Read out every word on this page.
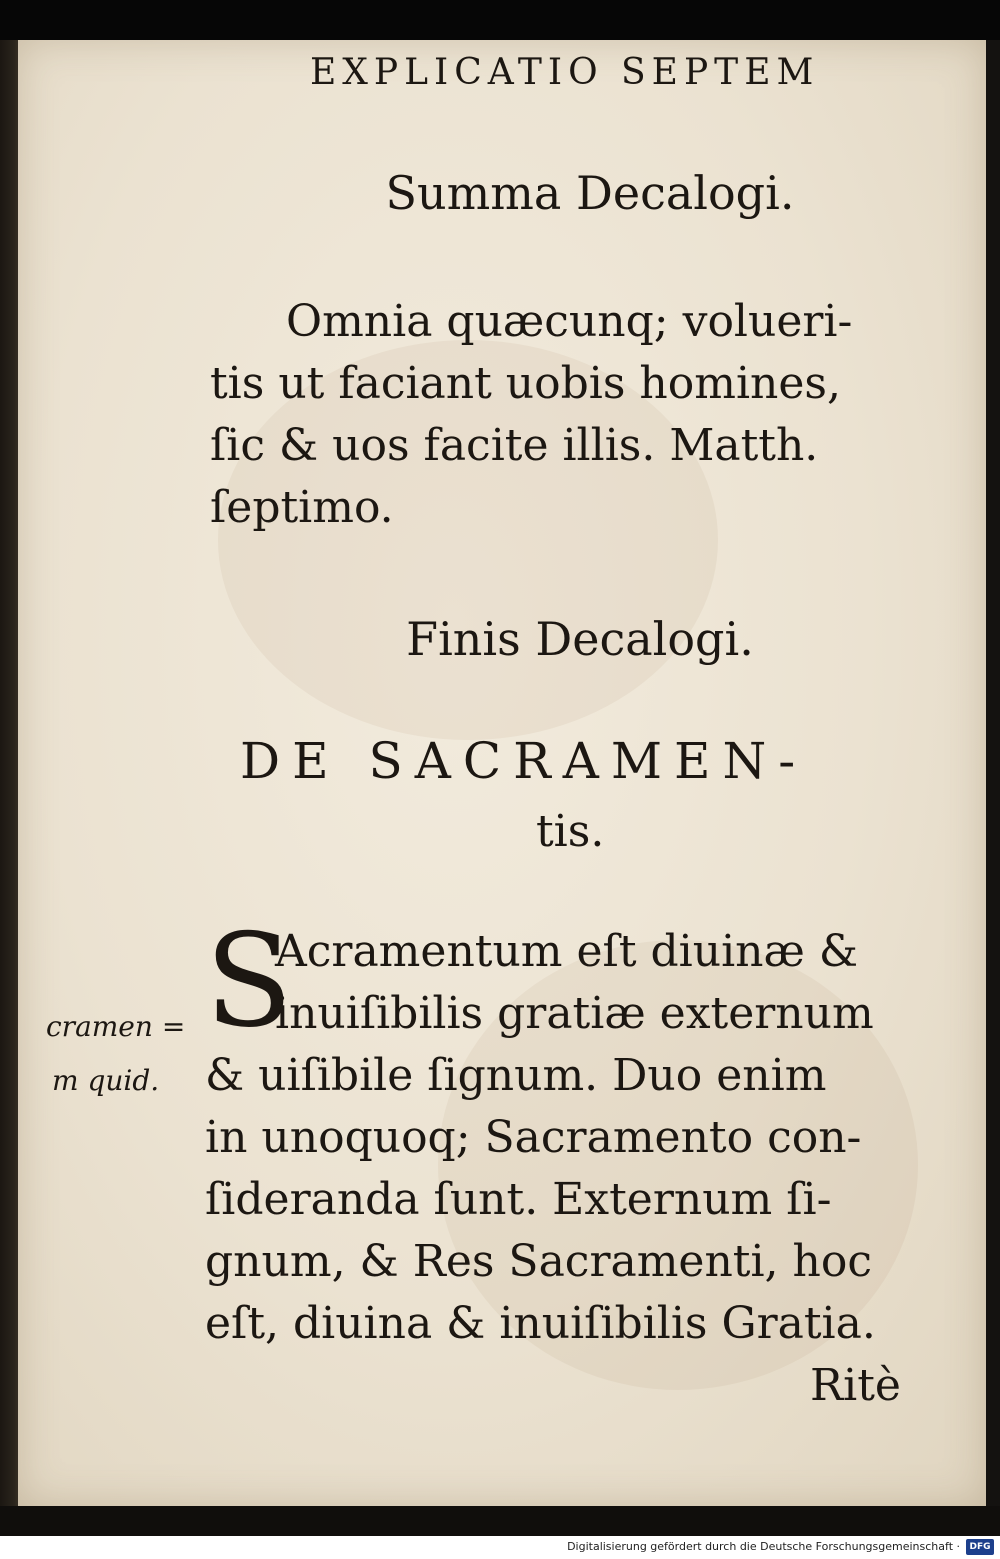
EXPLICATIO SEPTEM
Summa Decalogi.
Omnia quæcunq; volueri-
tis ut faciant uobis homines,
ſic & uos facite illis. Matth.
ſeptimo.
Finis Decalogi.
DE SACRAMEN-
tis.
S
Acramentum eſt diuinæ &
inuiſibilis gratiæ externum
& uiſibile ſignum. Duo enim
in unoquoq; Sacramento con-
ſideranda ſunt. Externum ſi-
gnum, & Res Sacramenti, hoc
eſt, diuina & inuiſibilis Gratia.
Ritè
cramen =
m quid.
Digitalisierung gefördert durch die Deutsche Forschungsgemeinschaft ·	DFG
